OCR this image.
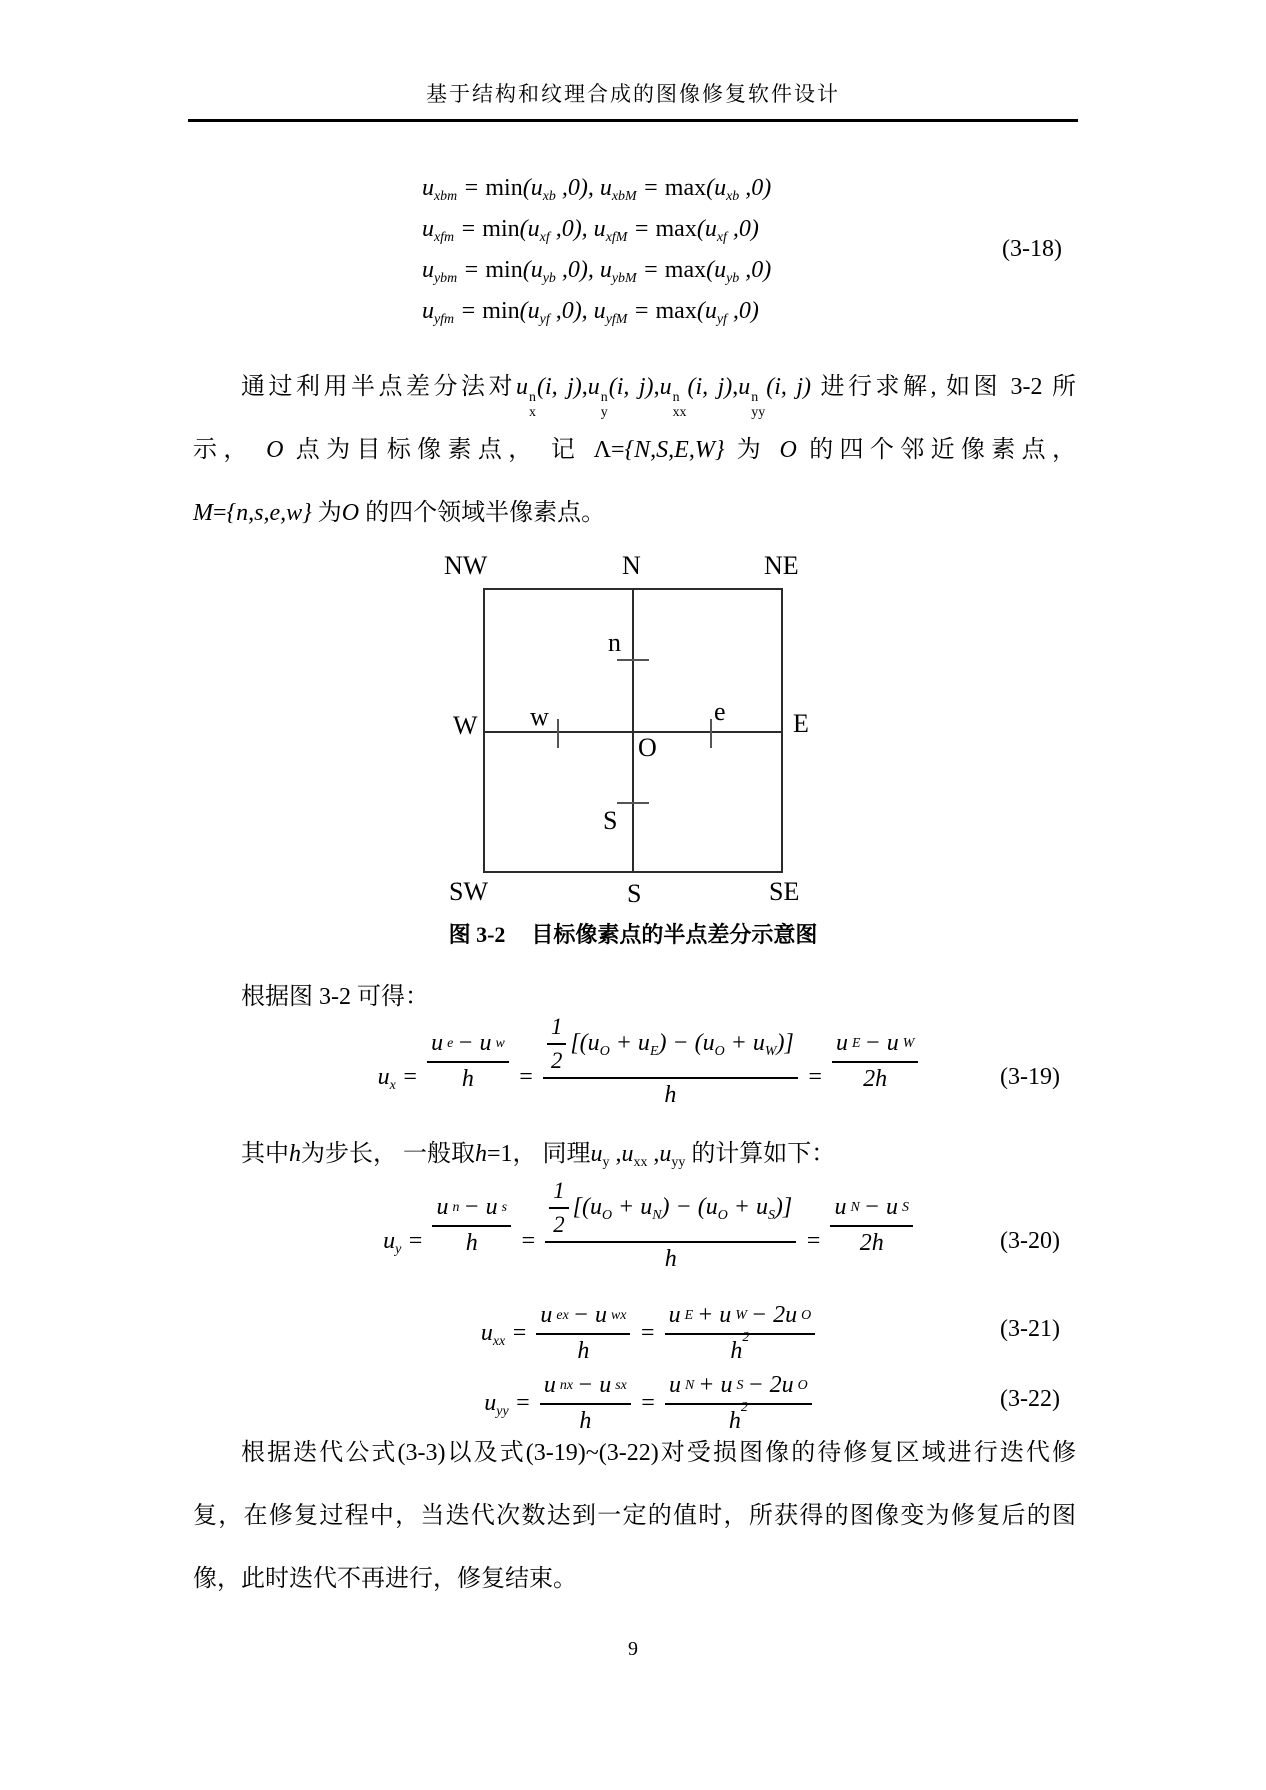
基于结构和纹理合成的图像修复软件设计
$u_{xbm} = \min(u_{xb}$ ,0), $u_{xbM} = \max(u_{xb}$ ,0)
$u_{xfm} = \min(u_{xf}$ ,0), $u_{xfM} = \max(u_{xf}$ ,0)
$u_{ybm} = \min(u_{yb}$ ,0), $u_{ybM} = \max(u_{yb}$ ,0)
$u_{yfm} = \min(u_{yf}$ ,0), $u_{yfM} = \max(u_{yf}$ ,0)
(3-18)
通过利用半点差分法对u n
x
(i, j),u n
y
(i, j),u n
xx
(i, j),u n
yy
(i, j) 进行求解, 如图 3-2 所
示， O 点为目标像素点， 记 Λ={N,S,E,W} 为 O 的四个邻近像素点，
M={n,s,e,w} 为O 的四个领域半像素点。
NW	N	NE
W	E
SW	S	SE
n
w	e
O
S
图 3-2 目标像素点的半点差分示意图
根据图 3-2 可得：
$u_x = \frac{\text{u e − u w}}{h} = \frac{\frac{1}{2} [(u_O + u_E) - (u_O + u_W)]}{h} = \frac{\text{u E − u W}}{2h}$	(3-19)
其中h为步长， 一般取h=1， 同理$u_y$ $,u_{xx}$ $,u_{yy}$ 的计算如下：
$u_y = \frac{\text{u n − u s}}{h} = \frac{\frac{1}{2} [(u_O + u_N) - (u_O + u_S)]}{h} = \frac{\text{u N − u S}}{2h}$	(3-20)
$u_{xx} = \frac{\text{u ex − u wx}}{h} = u$ E + u W − 2u O
h
2	(3-21)
$u_{yy} = \frac{\text{u nx − u sx}}{h} = u$ N + u S − 2u O
h
2	(3-22)
根据迭代公式(3-3)以及式(3-19)~(3-22)对受损图像的待修复区域进行迭代修
复，在修复过程中，当迭代次数达到一定的值时，所获得的图像变为修复后的图
像，此时迭代不再进行，修复结束。
9
